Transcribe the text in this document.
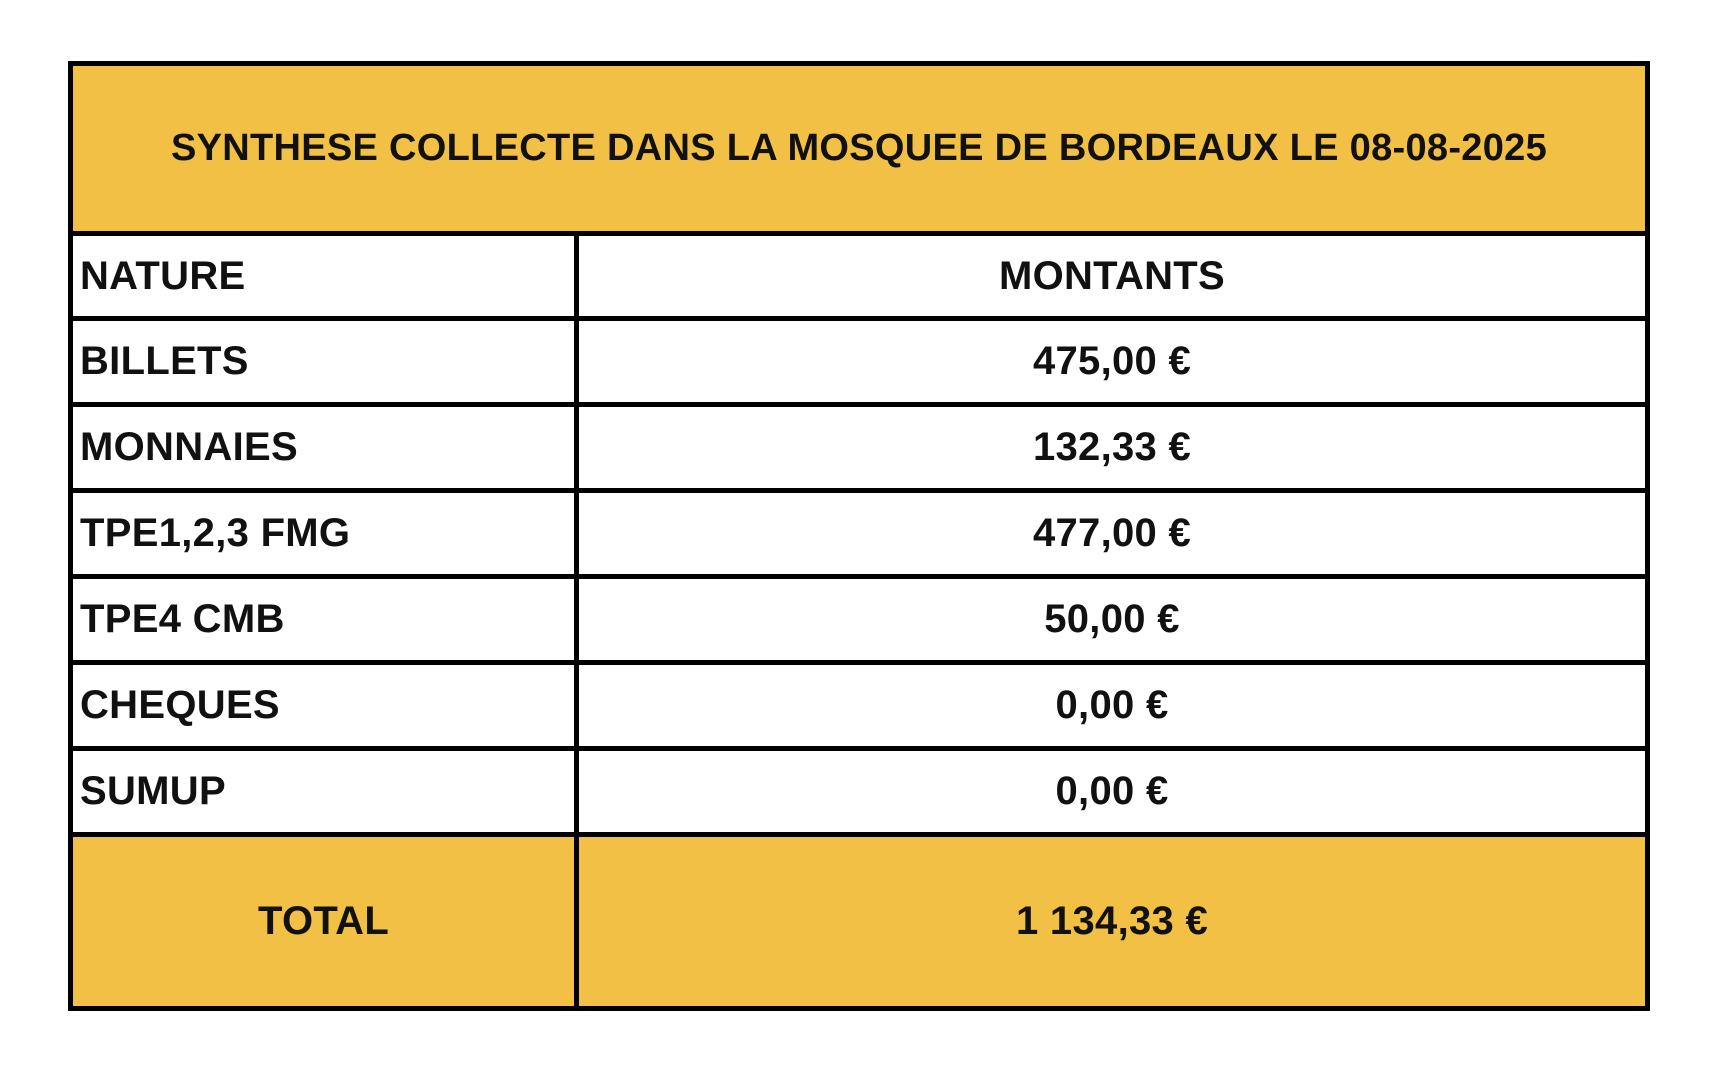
SYNTHESE COLLECTE DANS LA MOSQUEE DE BORDEAUX LE 08-08-2025
NATURE	MONTANTS
BILLETS	475,00 €
MONNAIES	132,33 €
TPE1,2,3 FMG	477,00 €
TPE4 CMB	50,00 €
CHEQUES	0,00 €
SUMUP	0,00 €
TOTAL	1 134,33 €
